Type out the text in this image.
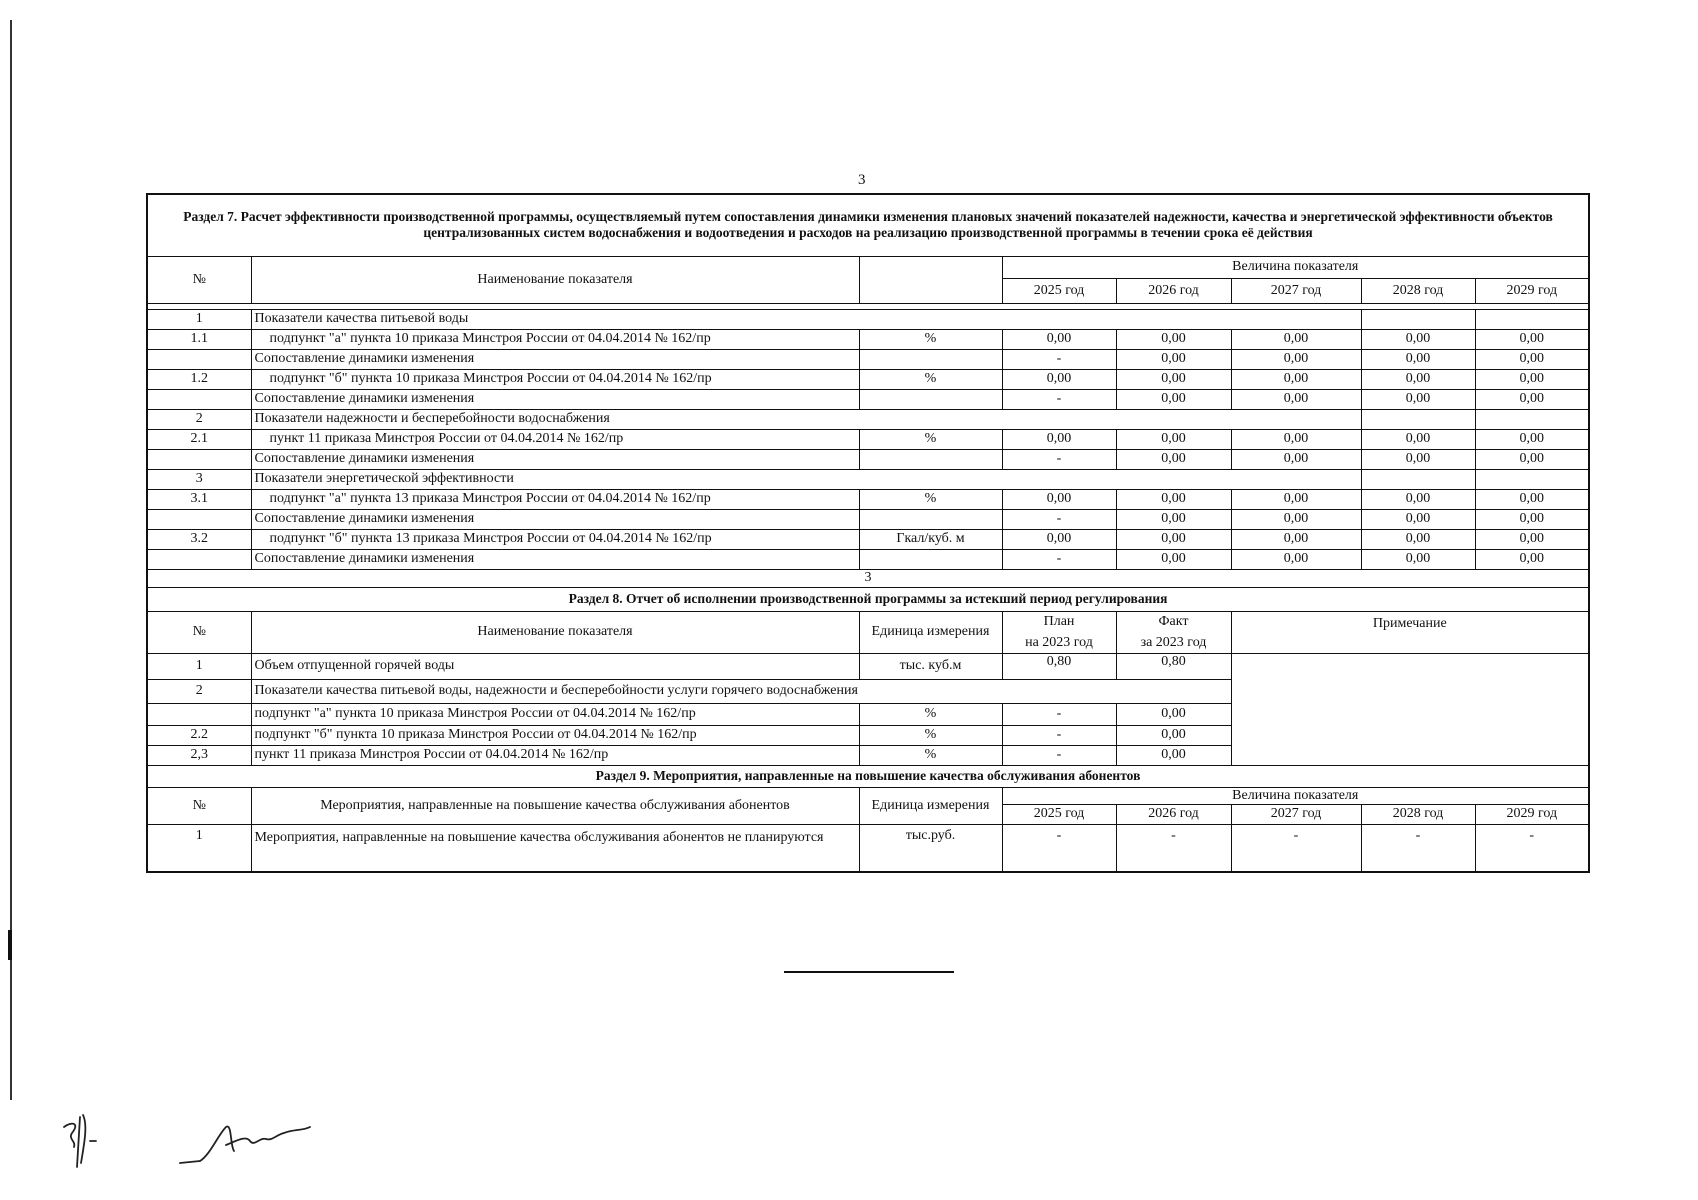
3
Раздел 7. Расчет эффективности производственной программы, осуществляемый путем сопоставления динамики изменения плановых значений показателей надежности, качества и энергетической эффективности объектов централизованных систем водоснабжения и водоотведения и расходов на реализацию производственной программы в течении срока её действия							
№	Наименование показателя		Величина показателя				
			2025 год	2026 год	2027 год	2028 год	2029 год

1	Показатели качества питьевой воды						
1.1	подпункт "а" пункта 10 приказа Минстроя России от 04.04.2014 № 162/пр	%	0,00	0,00	0,00	0,00	0,00
	Сопоставление динамики изменения		-	0,00	0,00	0,00	0,00
1.2	подпункт "б" пункта 10 приказа Минстроя России от 04.04.2014 № 162/пр	%	0,00	0,00	0,00	0,00	0,00
	Сопоставление динамики изменения		-	0,00	0,00	0,00	0,00
2	Показатели надежности и бесперебойности водоснабжения						
2.1	пункт 11 приказа Минстроя России от 04.04.2014 № 162/пр	%	0,00	0,00	0,00	0,00	0,00
	Сопоставление динамики изменения		-	0,00	0,00	0,00	0,00
3	Показатели энергетической эффективности						
3.1	подпункт "а" пункта 13 приказа Минстроя России от 04.04.2014 № 162/пр	%	0,00	0,00	0,00	0,00	0,00
	Сопоставление динамики изменения		-	0,00	0,00	0,00	0,00
3.2	подпункт "б" пункта 13 приказа Минстроя России от 04.04.2014 № 162/пр	Гкал/куб. м	0,00	0,00	0,00	0,00	0,00
	Сопоставление динамики изменения		-	0,00	0,00	0,00	0,00
3							
Раздел 8. Отчет об исполнении производственной программы за истекший период регулирования							
№	Наименование показателя	Единица измерения	План	Факт	Примечание		
			на 2023 год	за 2023 год			
1	Объем отпущенной горячей воды	тыс. куб.м	0,80	0,80			
2	Показатели качества питьевой воды, надежности и бесперебойности услуги горячего водоснабжения						
	подпункт "а" пункта 10 приказа Минстроя России от 04.04.2014 № 162/пр	%	-	0,00			
2.2	подпункт "б" пункта 10 приказа Минстроя России от 04.04.2014 № 162/пр	%	-	0,00			
2,3	пункт 11 приказа Минстроя России от 04.04.2014 № 162/пр	%	-	0,00			
Раздел 9. Мероприятия, направленные на повышение качества обслуживания абонентов							
№	Мероприятия, направленные на повышение качества обслуживания абонентов	Единица измерения	Величина показателя				
			2025 год	2026 год	2027 год	2028 год	2029 год
1	Мероприятия, направленные на повышение качества обслуживания абонентов не планируются	тыс.руб.	-	-	-	-	-
